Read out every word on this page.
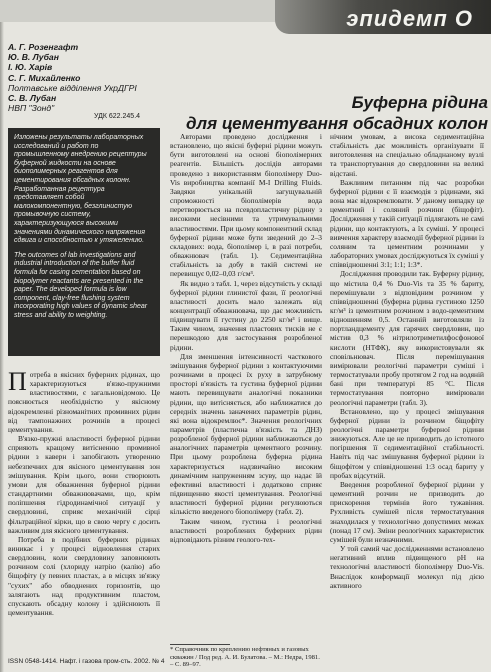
эпидемп О
А. Г. Розенгафт
Ю. В. Лубан
І. Ю. Харів
С. Г. Михайленко
Полтавське відділення УкрДГРІ
С. В. Лубан
НВП "Зонд"
УДК 622.245.4
Буферна рідина
для цементування обсадних колон

Изложены результаты лабораторных исследований и работ по промышленному внедрению рецептуры буферной жидкости на основе биополимерных реагентов для цементирования обсадных колонн. Разработанная рецептура представляет собой малокомпонентную, безглинистую промывочную систему, характеризующуюся высокими значениями динамического напряжения сдвига и способностью к утяжелению.

The outcomes of lab investigations and industrial introduction of the buffer fluid formula for casing cementation based on biopolymer reactants are presented in the paper. The developed formula is low component, clay-free flushing system incorporating high values of dynamic shear stress and ability to weighting.

Потреба в якісних буферних рідинах, що характеризуються в'язко-пружними властивостями, є загальновідомою. Це пояснюється необхідністю у якісному відокремленні різноманітних промивних рідин від тампонажних розчинів в процесі цементування.

В'язко-пружні властивості буферної рідини сприяють кращому витісненню промивної рідини з каверн і запобігають утворенню небезпечних для якісного цементування зон змішування. Крім цього, вони створюють умови для обважнення буферної рідини стандартними обважнювачами, що, крім поліпшення гідродинамічної ситуації у свердловині, сприяє механічній сірці фільтраційної кірки, що в свою чергу є досить важливим для якісного цементування.

Потреба в подібних буферних рідинах виникає і у процесі відновлення старих свердловин, коли свердловину заповнюють розчином солі (хлориду натрію (калію) або біщофіту (у певних пластах, а в місцях зв'язку "сухих" або обводнених горизонтів, що залягають над продуктивним пластом, спускають обсадну колону і здійснюють її цементування.

Авторами проведено дослідження і встановлено, що якісні буферні рідини можуть бути виготовлені на основі біополімерних реагентів. Більшість дослідів авторами проведено з використанням біополімеру Duo-Vis виробництва компанії M-I Drilling Fluids. Завдяки унікальній загущувальній спроможності біополімерів вода перетворюється на псевдопластичну рідину з високими несівними та утримувальними властивостями. При цьому компонентний склад буферної рідини може бути зведений до 2–3 складових: вода, біополімер і, в разі потреби, обважнювач (табл. 1). Седиментаційна стабільність за добу в такій системі не перевищує 0,02–0,03 г/см³.

Як видно з табл. 1, через відсутність у складі буферної рідини глинистої фази, її реологічні властивості досить мало залежать від концентрації обважнювача, що дає можливість підвищувати її густину до 2250 кг/м³ і вище. Таким чином, значення пластових тисків не є перешкодою для застосування розробленої рідини.

Для зменшення інтенсивності часткового змішування буферної рідини з контактуючими розчинами в процесі їх руху в затрубному просторі в'язкість та густина буферної рідини мають перевищувати аналогічні показники рідини, що витісняється, або наближатися до середніх значень заначених параметрів рідин, які вона відокремлює*. Значення реологічних параметрів (пластична в'язкість та ДНЗ) розробленої буферної рідини наближаються до аналогічних параметрів цементного розчину. При цьому розроблена буферна рідина характеризується надзвичайно високим динамічним напруженням зсуву, що надає їй ефективні властивості і додатково сприяє підвищенню якості цементування. Реологічні властивості буферної рідини регулюються кількістю введеного біополімеру (табл. 2).

Таким чином, густина і реологічні властивості розроблених буферних рідин відповідають різним геолого-тех-

нічним умовам, а висока седиментаційна стабільність дає можливість організувати її виготовлення на спеціально обладнаному вузлі та транспортування до свердловини на великі відстані.

Важливим питанням під час розробки буферної рідини є її взаємодія з рідинами, які вона має відокремлювати. У даному випадку це цементний і соляний розчини (біщофіт). Дослідження у такій ситуації підлягають не самі рідини, що контактують, а їх суміші. У процесі вивчення характеру взаємодії буферної рідини із соляним та цементним розчинами у лабораторних умовах досліджуються їх суміші у співвідношенні 3:1; 1:1; 1:3*.

Дослідження проводили так. Буферну рідину, що містила 0,4 % Duo-Vis та 35 % бариту, перемішували з відповідним розчином у співвідношенні (буферна рідина густиною 1250 кг/м³ із цементним розчином з водо-цементним відношенням 0,5. Останній виготовляли із портландцементу для гарячих свердловин, що містив 0,3 % нітрилотриметилфосфонової кислоти (НТФК), яку використовували як сповільнювач. Після перемішування вимірювали реологічні параметри суміші і термостатували пробу протягом 2 год на водяній бані при температурі 85 °С. Після термостатування повторно вимірювали реологічні параметри (табл. 3).

Встановлено, що у процесі змішування буферної рідини із розчином біщофіту реологічні параметри буферної рідини знижуються. Але це не призводить до істотного погіршення її седиментаційної стабільності. Навіть під час змішування буферної рідини із біщофітом у співвідношенні 1:3 осад бариту у пробах відсутній.

Введення розробленої буферної рідини у цементний розчин не призводить до прискорення термінів його тужавіння. Рухливість сумішей після термостатування знаходилася у технологічно допустимих межах (понад 17 см). Зміни реологічних характеристик сумішей були незначними.

У той самий час дослідженнями встановлено негативний вплив підвищеного pH на технологічні властивості біополімеру Duo-Vis. Внаслідок конформації молекул під дією активного

* Справочник по креплению нефтяных и газовых скважин / Под ред. А. И. Булатова. – М.: Недра, 1981. – С. 89–97.
ISSN 0548-1414. Нафт. і газова пром-сть. 2002. № 4
